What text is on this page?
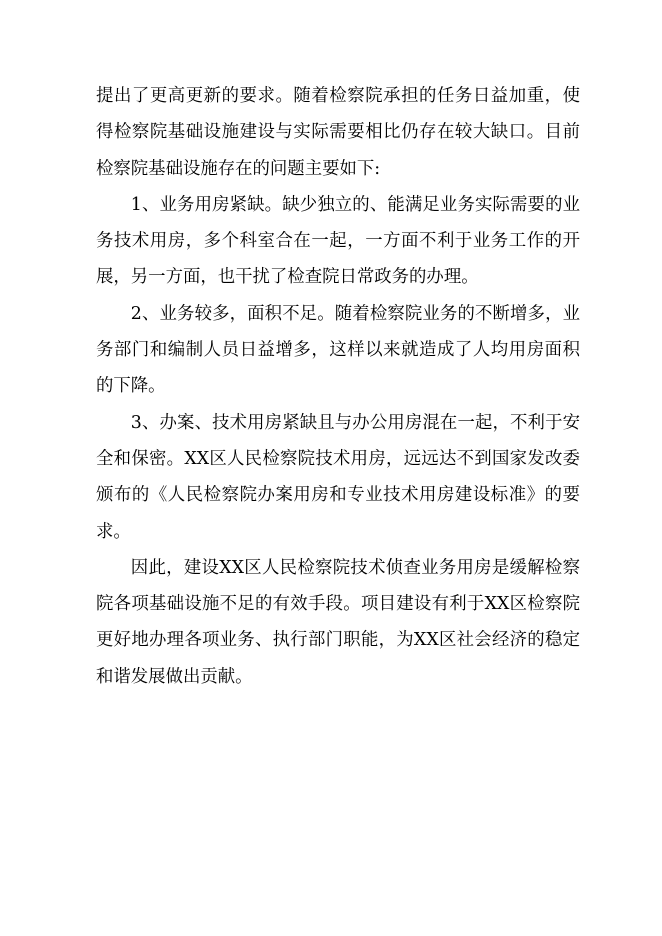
提出了更高更新的要求。随着检察院承担的任务日益加重，使得检察院基础设施建设与实际需要相比仍存在较大缺口。目前检察院基础设施存在的问题主要如下:

1、业务用房紧缺。缺少独立的、能满足业务实际需要的业务技术用房，多个科室合在一起，一方面不利于业务工作的开展，另一方面，也干扰了检查院日常政务的办理。

2、业务较多，面积不足。随着检察院业务的不断增多，业务部门和编制人员日益增多，这样以来就造成了人均用房面积的下降。

3、办案、技术用房紧缺且与办公用房混在一起，不利于安全和保密。XX区人民检察院技术用房，远远达不到国家发改委颁布的《人民检察院办案用房和专业技术用房建设标准》的要求。

因此，建设XX区人民检察院技术侦查业务用房是缓解检察院各项基础设施不足的有效手段。项目建设有利于XX区检察院更好地办理各项业务、执行部门职能，为XX区社会经济的稳定和谐发展做出贡献。
